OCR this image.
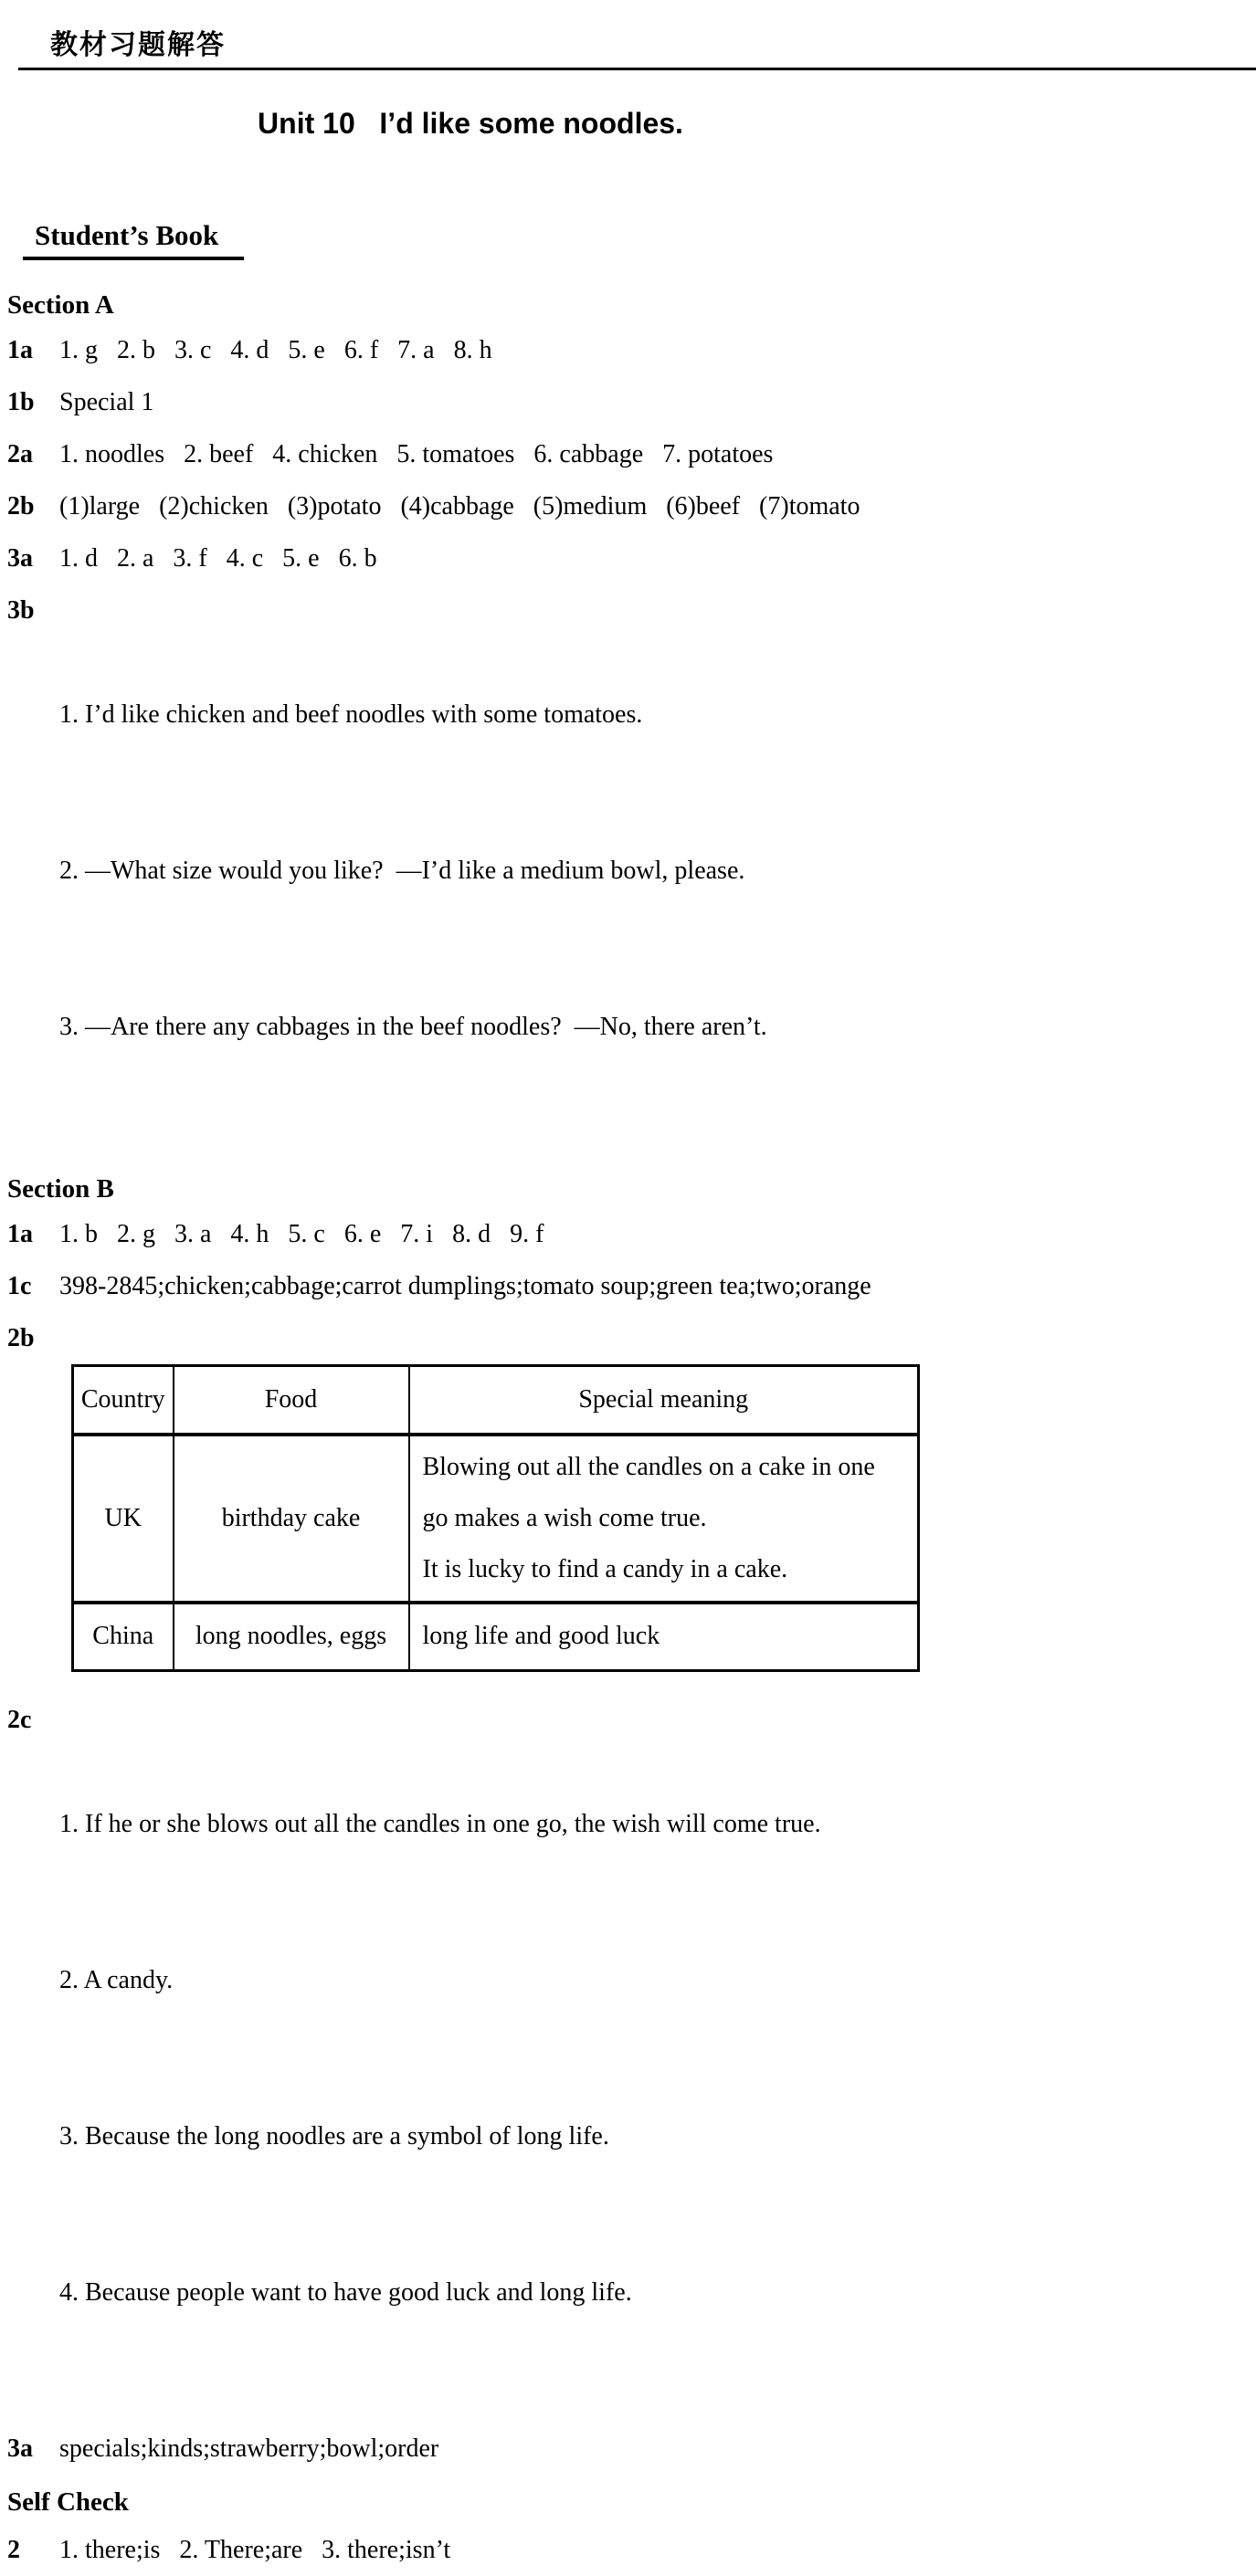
教材习题解答
Unit 10   I’d like some noodles.
Student’s Book
Section A
1a	1. g   2. b   3. c   4. d   5. e   6. f   7. a   8. h
1b Special 1
2a	1. noodles   2. beef   4. chicken   5. tomatoes   6. cabbage   7. potatoes
2b (1)large   (2)chicken   (3)potato   (4)cabbage   (5)medium   (6)beef   (7)tomato
3a	1. d   2. a   3. f   4. c   5. e   6. b
3b

1. I’d like chicken and beef noodles with some tomatoes.

2. —What size would you like?  —I’d like a medium bowl, please.

3. —Are there any cabbages in the beef noodles?  —No, there aren’t.

Section B
1a	1. b   2. g   3. a   4. h   5. c   6. e   7. i   8. d   9. f
1c	398-2845;chicken;cabbage;carrot dumplings;tomato soup;green tea;two;orange
2b
Country	Food	Special meaning
UK	birthday cake	Blowing out all the candles on a cake in one go makes a wish come true.
It is lucky to find a candy in a cake.

China	long noodles, eggs	long life and good luck
2c

1. If he or she blows out all the candles in one go, the wish will come true.

2. A candy.

3. Because the long noodles are a symbol of long life.

4. Because people want to have good luck and long life.

3a	specials;kinds;strawberry;bowl;order
Self Check
2	1. there;is   2. There;are   3. there;isn’t
